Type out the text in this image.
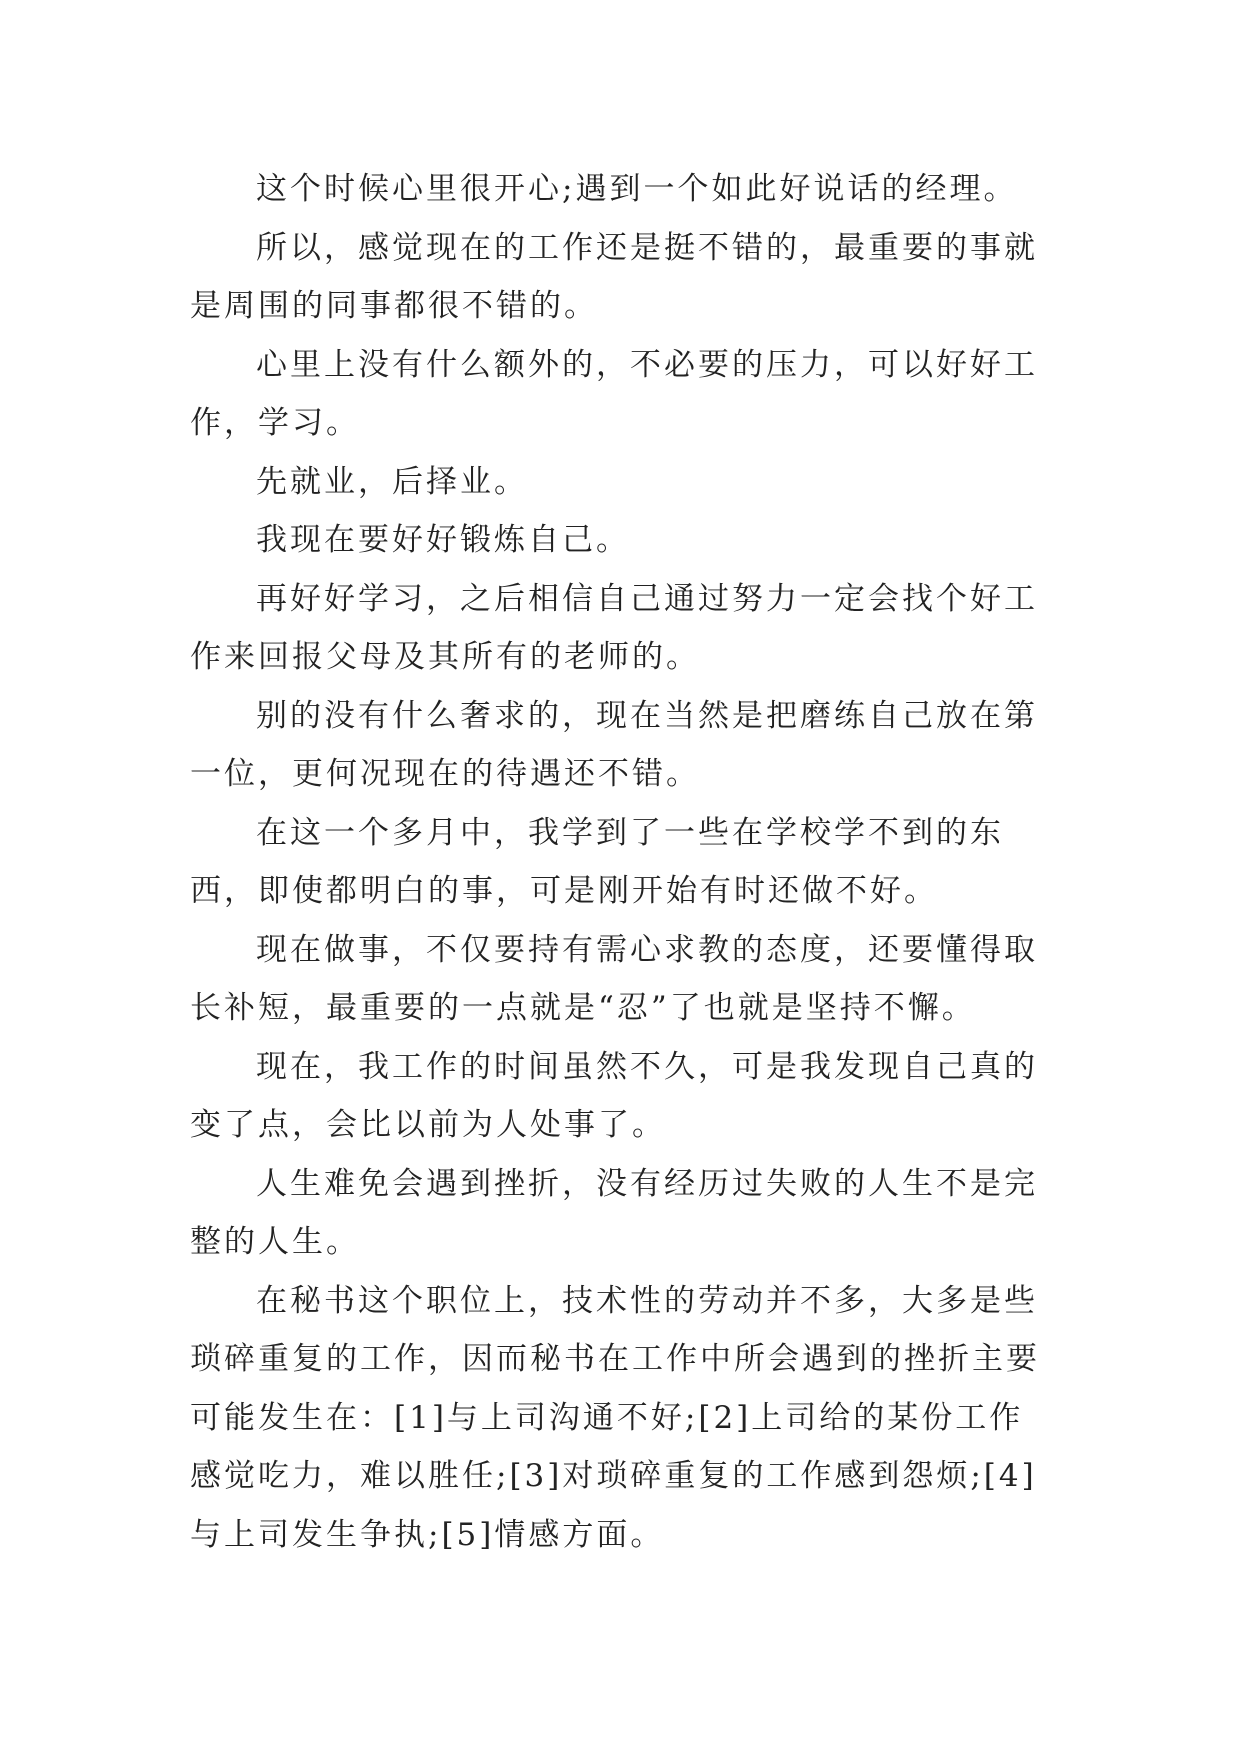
这个时候心里很开心;遇到一个如此好说话的经理。

所以，感觉现在的工作还是挺不错的，最重要的事就是周围的同事都很不错的。

心里上没有什么额外的，不必要的压力，可以好好工作，学习。

先就业，后择业。

我现在要好好锻炼自己。

再好好学习，之后相信自己通过努力一定会找个好工作来回报父母及其所有的老师的。

别的没有什么奢求的，现在当然是把磨练自己放在第一位，更何况现在的待遇还不错。

在这一个多月中，我学到了一些在学校学不到的东西，即使都明白的事，可是刚开始有时还做不好。

现在做事，不仅要持有需心求教的态度，还要懂得取长补短，最重要的一点就是“忍”了也就是坚持不懈。

现在，我工作的时间虽然不久，可是我发现自己真的变了点，会比以前为人处事了。

人生难免会遇到挫折，没有经历过失败的人生不是完整的人生。

在秘书这个职位上，技术性的劳动并不多，大多是些琐碎重复的工作，因而秘书在工作中所会遇到的挫折主要可能发生在：[1]与上司沟通不好;[2]上司给的某份工作感觉吃力，难以胜任;[3]对琐碎重复的工作感到怨烦;[4]与上司发生争执;[5]情感方面。
